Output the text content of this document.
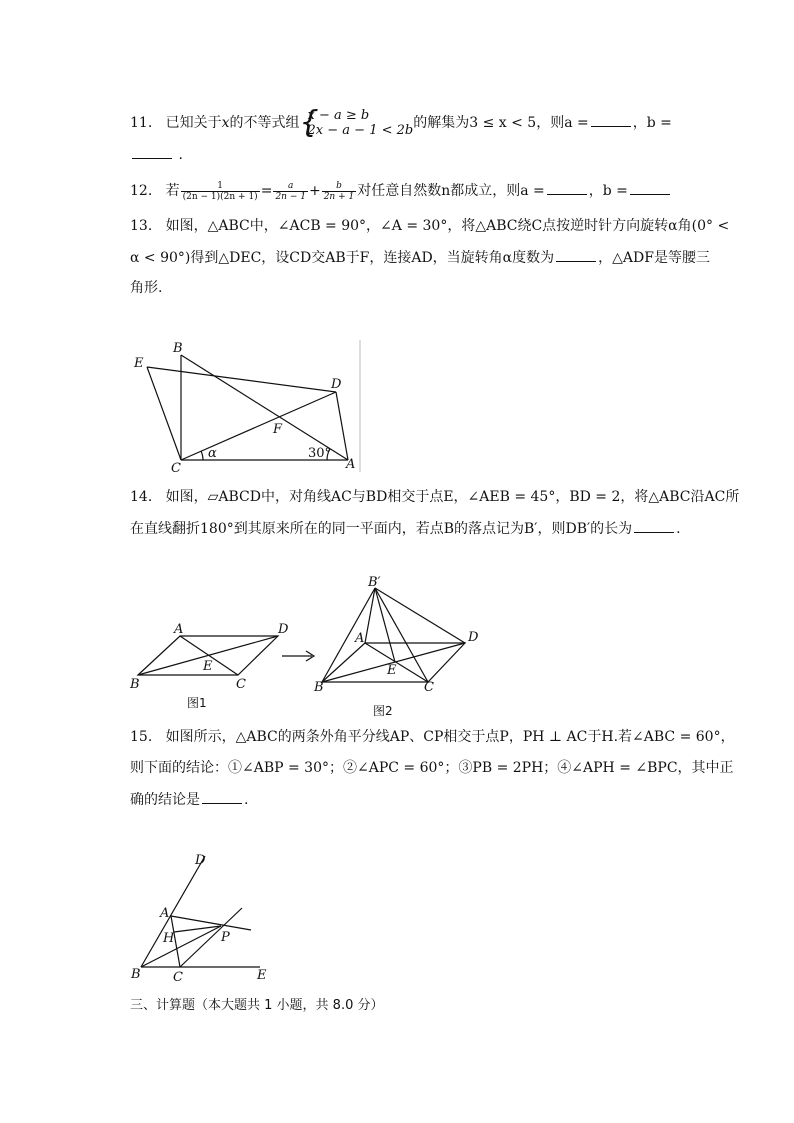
11. 已知关于x的不等式组 {
x − a ≥ b
2x − a − 1 < 2b 的解集为3 ≤ x < 5，则a =	，b =
.
12. 若 $\frac{1}{(2n - 1)(2n + 1)} = \frac{a}{2n - 1} + \frac{b}{2n + 1}$ 对任意自然数n都成立，则a =	，b =
13. 如图，△ABC中，∠ACB = 90°，∠A = 30°，将△ABC绕C点按逆时针方向旋转α角(0° <
α < 90°)得到△DEC，设CD交AB于F，连接AD，当旋转角α度数为	，△ADF是等腰三
角形.
B
E
D
F
C	A
α	30°
14. 如图，▱ABCD中，对角线AC与BD相交于点E，∠AEB = 45°，BD = 2，将△ABC沿AC所
在直线翻折180°到其原来所在的同一平面内，若点B的落点记为B′，则DB′的长为	.
A	D
E
B	C
图1
B′
A	D
E
B	C
图2
15. 如图所示，△ABC的两条外角平分线AP、CP相交于点P，PH ⊥ AC于H.若∠ABC = 60°，
则下面的结论：①∠ABP = 30°；②∠APC = 60°；③PB = 2PH；④∠APH = ∠BPC，其中正
确的结论是	.
D
A
H	P
B C	E
三、计算题（本大题共 1 小题，共 8.0 分）
